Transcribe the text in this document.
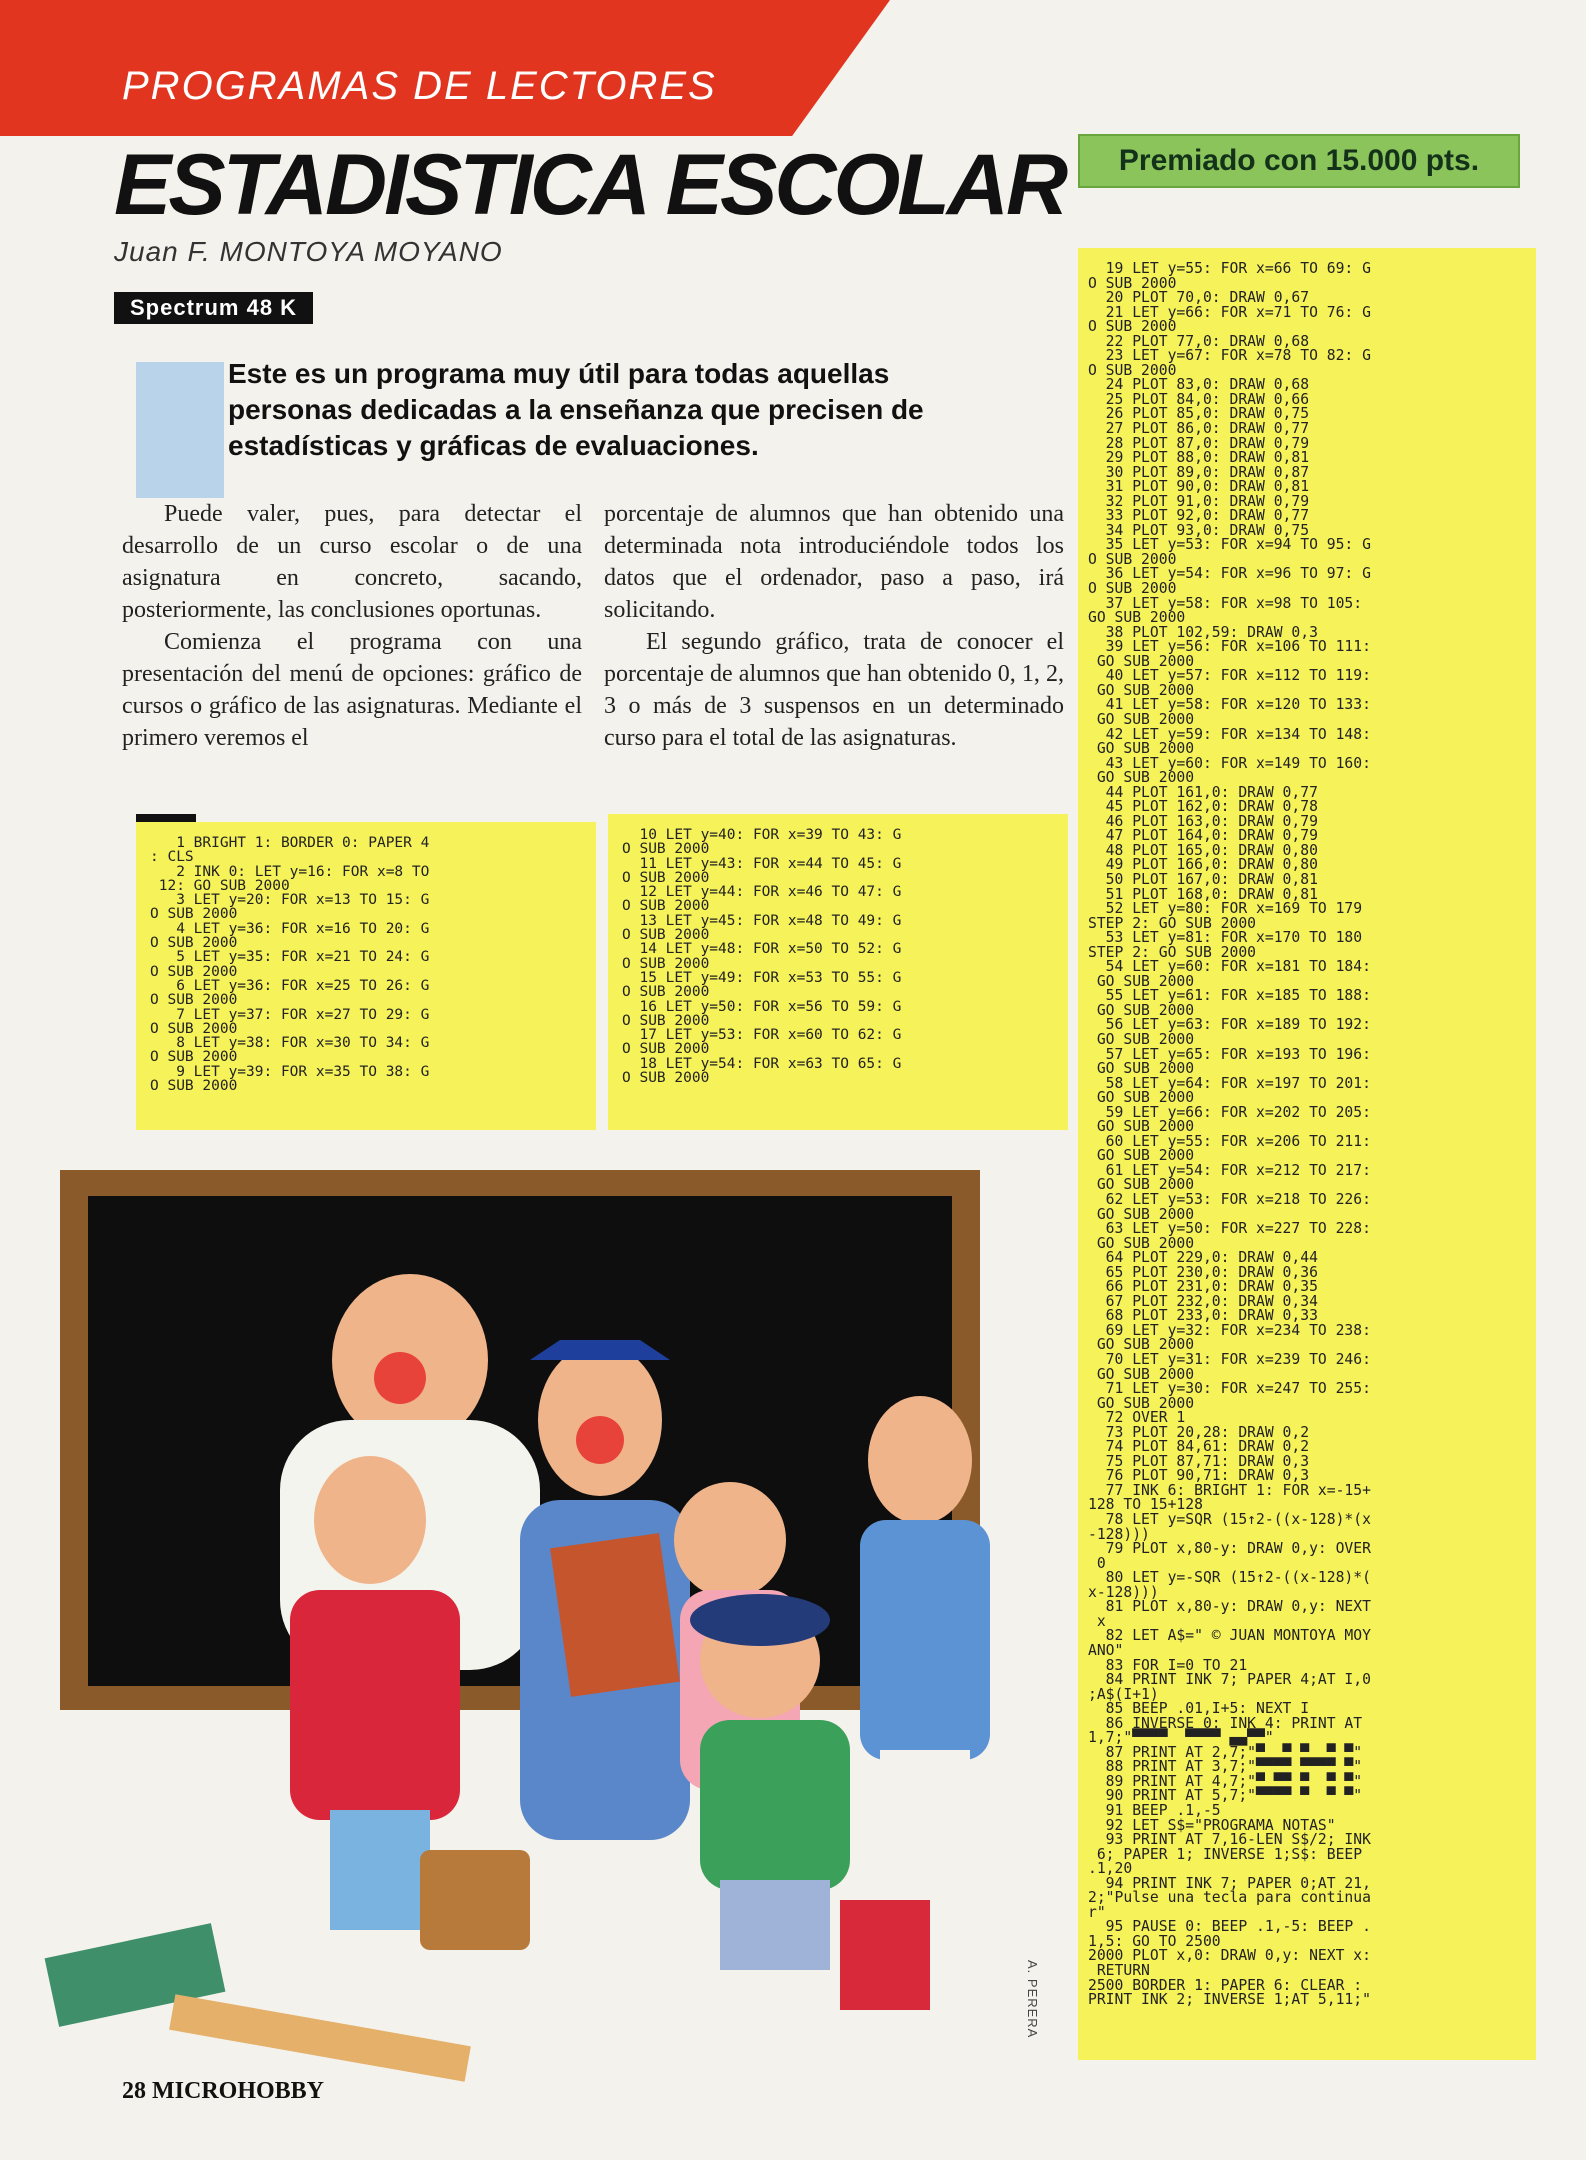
PROGRAMAS DE LECTORES
ESTADISTICA ESCOLAR
Juan F. MONTOYA MOYANO
Spectrum 48 K
Premiado con 15.000 pts.
Este es un programa muy útil para todas aquellas personas dedicadas a la enseñanza que precisen de estadísticas y gráficas de evaluaciones.

Puede valer, pues, para detectar el desarrollo de un curso escolar o de una asignatura en concreto, sacando, posteriormente, las conclusiones oportunas.

Comienza el programa con una presentación del menú de opciones: gráfico de cursos o gráfico de las asignaturas. Mediante el primero veremos el

porcentaje de alumnos que han obtenido una determinada nota introduciéndole todos los datos que el ordenador, paso a paso, irá solicitando.

El segundo gráfico, trata de conocer el porcentaje de alumnos que han obtenido 0, 1, 2, 3 o más de 3 suspensos en un determinado curso para el total de las asignaturas.

1 BRIGHT 1: BORDER 0: PAPER 4
: CLS
2 INK 0: LET y=16: FOR x=8 TO
12: GO SUB 2000
3 LET y=20: FOR x=13 TO 15: G
O SUB 2000
4 LET y=36: FOR x=16 TO 20: G
O SUB 2000
5 LET y=35: FOR x=21 TO 24: G
O SUB 2000
6 LET y=36: FOR x=25 TO 26: G
O SUB 2000
7 LET y=37: FOR x=27 TO 29: G
O SUB 2000
8 LET y=38: FOR x=30 TO 34: G
O SUB 2000
9 LET y=39: FOR x=35 TO 38: G
O SUB 2000
10 LET y=40: FOR x=39 TO 43: G
O SUB 2000
11 LET y=43: FOR x=44 TO 45: G
O SUB 2000
12 LET y=44: FOR x=46 TO 47: G
O SUB 2000
13 LET y=45: FOR x=48 TO 49: G
O SUB 2000
14 LET y=48: FOR x=50 TO 52: G
O SUB 2000
15 LET y=49: FOR x=53 TO 55: G
O SUB 2000
16 LET y=50: FOR x=56 TO 59: G
O SUB 2000
17 LET y=53: FOR x=60 TO 62: G
O SUB 2000
18 LET y=54: FOR x=63 TO 65: G
O SUB 2000
19 LET y=55: FOR x=66 TO 69: G
O SUB 2000
20 PLOT 70,0: DRAW 0,67
21 LET y=66: FOR x=71 TO 76: G
O SUB 2000
22 PLOT 77,0: DRAW 0,68
23 LET y=67: FOR x=78 TO 82: G
O SUB 2000
24 PLOT 83,0: DRAW 0,68
25 PLOT 84,0: DRAW 0,66
26 PLOT 85,0: DRAW 0,75
27 PLOT 86,0: DRAW 0,77
28 PLOT 87,0: DRAW 0,79
29 PLOT 88,0: DRAW 0,81
30 PLOT 89,0: DRAW 0,87
31 PLOT 90,0: DRAW 0,81
32 PLOT 91,0: DRAW 0,79
33 PLOT 92,0: DRAW 0,77
34 PLOT 93,0: DRAW 0,75
35 LET y=53: FOR x=94 TO 95: G
O SUB 2000
36 LET y=54: FOR x=96 TO 97: G
O SUB 2000
37 LET y=58: FOR x=98 TO 105:
GO SUB 2000
38 PLOT 102,59: DRAW 0,3
39 LET y=56: FOR x=106 TO 111:
GO SUB 2000
40 LET y=57: FOR x=112 TO 119:
GO SUB 2000
41 LET y=58: FOR x=120 TO 133:
GO SUB 2000
42 LET y=59: FOR x=134 TO 148:
GO SUB 2000
43 LET y=60: FOR x=149 TO 160:
GO SUB 2000
44 PLOT 161,0: DRAW 0,77
45 PLOT 162,0: DRAW 0,78
46 PLOT 163,0: DRAW 0,79
47 PLOT 164,0: DRAW 0,79
48 PLOT 165,0: DRAW 0,80
49 PLOT 166,0: DRAW 0,80
50 PLOT 167,0: DRAW 0,81
51 PLOT 168,0: DRAW 0,81
52 LET y=80: FOR x=169 TO 179
STEP 2: GO SUB 2000
53 LET y=81: FOR x=170 TO 180
STEP 2: GO SUB 2000
54 LET y=60: FOR x=181 TO 184:
GO SUB 2000
55 LET y=61: FOR x=185 TO 188:
GO SUB 2000
56 LET y=63: FOR x=189 TO 192:
GO SUB 2000
57 LET y=65: FOR x=193 TO 196:
GO SUB 2000
58 LET y=64: FOR x=197 TO 201:
GO SUB 2000
59 LET y=66: FOR x=202 TO 205:
GO SUB 2000
60 LET y=55: FOR x=206 TO 211:
GO SUB 2000
61 LET y=54: FOR x=212 TO 217:
GO SUB 2000
62 LET y=53: FOR x=218 TO 226:
GO SUB 2000
63 LET y=50: FOR x=227 TO 228:
GO SUB 2000
64 PLOT 229,0: DRAW 0,44
65 PLOT 230,0: DRAW 0,36
66 PLOT 231,0: DRAW 0,35
67 PLOT 232,0: DRAW 0,34
68 PLOT 233,0: DRAW 0,33
69 LET y=32: FOR x=234 TO 238:
GO SUB 2000
70 LET y=31: FOR x=239 TO 246:
GO SUB 2000
71 LET y=30: FOR x=247 TO 255:
GO SUB 2000
72 OVER 1
73 PLOT 20,28: DRAW 0,2
74 PLOT 84,61: DRAW 0,2
75 PLOT 87,71: DRAW 0,3
76 PLOT 90,71: DRAW 0,3
77 INK 6: BRIGHT 1: FOR x=-15+
128 TO 15+128
78 LET y=SQR (15↑2-((x-128)*(x
-128)))
79 PLOT x,80-y: DRAW 0,y: OVER
0
80 LET y=-SQR (15↑2-((x-128)*(
x-128)))
81 PLOT x,80-y: DRAW 0,y: NEXT
x
82 LET A$=" © JUAN MONTOYA MOY
ANO"
83 FOR I=0 TO 21
84 PRINT INK 7; PAPER 4;AT I,0
;A$(I+1)
85 BEEP .01,I+5: NEXT I
86 INVERSE 0: INK 4: PRINT AT
1,7;"▀▀▀▀  ▀▀▀▀ ▄▄▀▀"
87 PRINT AT 2,7;"▀  ▀ ▀  ▀ ▀"
88 PRINT AT 3,7;"▀▀▀▀ ▀▀▀▀ ▀"
89 PRINT AT 4,7;"▀ ▀▀ ▀  ▀ ▀"
90 PRINT AT 5,7;"▀▀▀▀ ▀  ▀ ▀"
91 BEEP .1,-5
92 LET S$="PROGRAMA NOTAS"
93 PRINT AT 7,16-LEN S$/2; INK
6; PAPER 1; INVERSE 1;S$: BEEP
.1,20
94 PRINT INK 7; PAPER 0;AT 21,
2;"Pulse una tecla para continua
r"
95 PAUSE 0: BEEP .1,-5: BEEP .
1,5: GO TO 2500
2000 PLOT x,0: DRAW 0,y: NEXT x:
RETURN
2500 BORDER 1: PAPER 6: CLEAR :
PRINT INK 2; INVERSE 1;AT 5,11;"
A. PERERA
28 MICROHOBBY
